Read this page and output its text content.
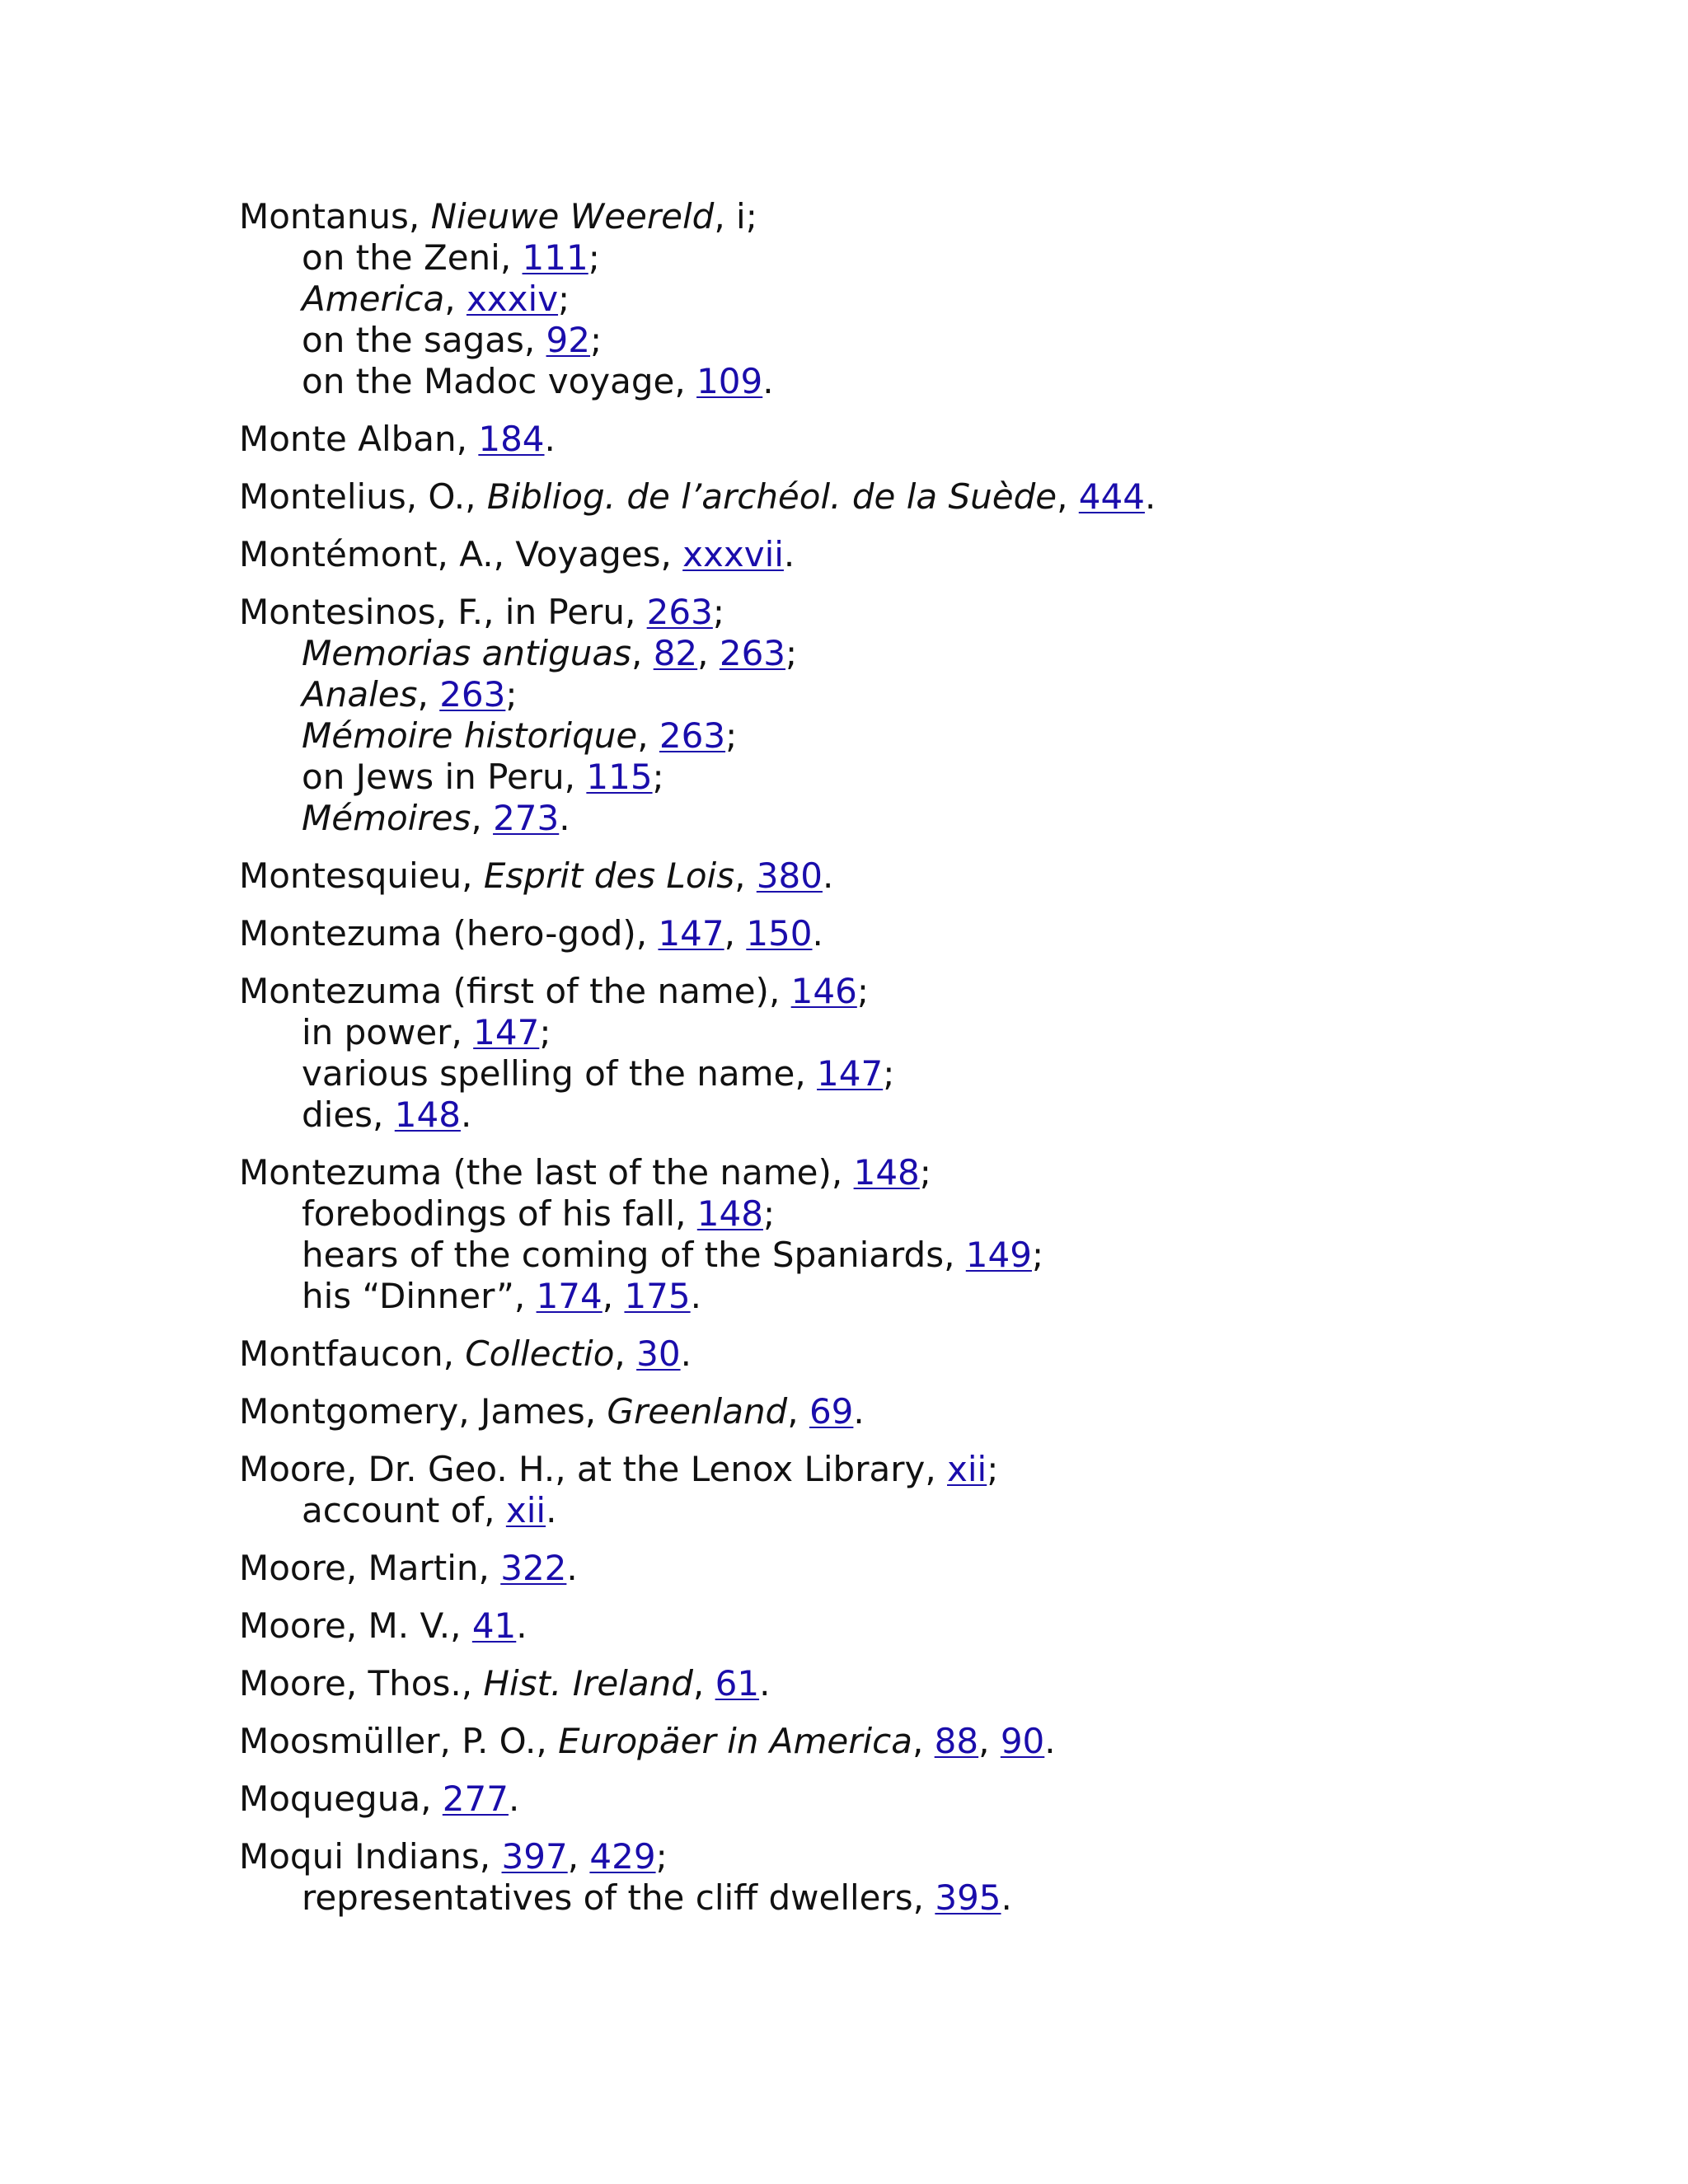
Montanus, Nieuwe Weereld, i;
on the Zeni, 111;
America, xxxiv;
on the sagas, 92;
on the Madoc voyage, 109.
Monte Alban, 184.
Montelius, O., Bibliog. de l’archéol. de la Suède, 444.
Montémont, A., Voyages, xxxvii.
Montesinos, F., in Peru, 263;
Memorias antiguas, 82, 263;
Anales, 263;
Mémoire historique, 263;
on Jews in Peru, 115;
Mémoires, 273.
Montesquieu, Esprit des Lois, 380.
Montezuma (hero-god), 147, 150.
Montezuma (first of the name), 146;
in power, 147;
various spelling of the name, 147;
dies, 148.
Montezuma (the last of the name), 148;
forebodings of his fall, 148;
hears of the coming of the Spaniards, 149;
his “Dinner”, 174, 175.
Montfaucon, Collectio, 30.
Montgomery, James, Greenland, 69.
Moore, Dr. Geo. H., at the Lenox Library, xii;
account of, xii.
Moore, Martin, 322.
Moore, M. V., 41.
Moore, Thos., Hist. Ireland, 61.
Moosmüller, P. O., Europäer in America, 88, 90.
Moquegua, 277.
Moqui Indians, 397, 429;
representatives of the cliff dwellers, 395.
